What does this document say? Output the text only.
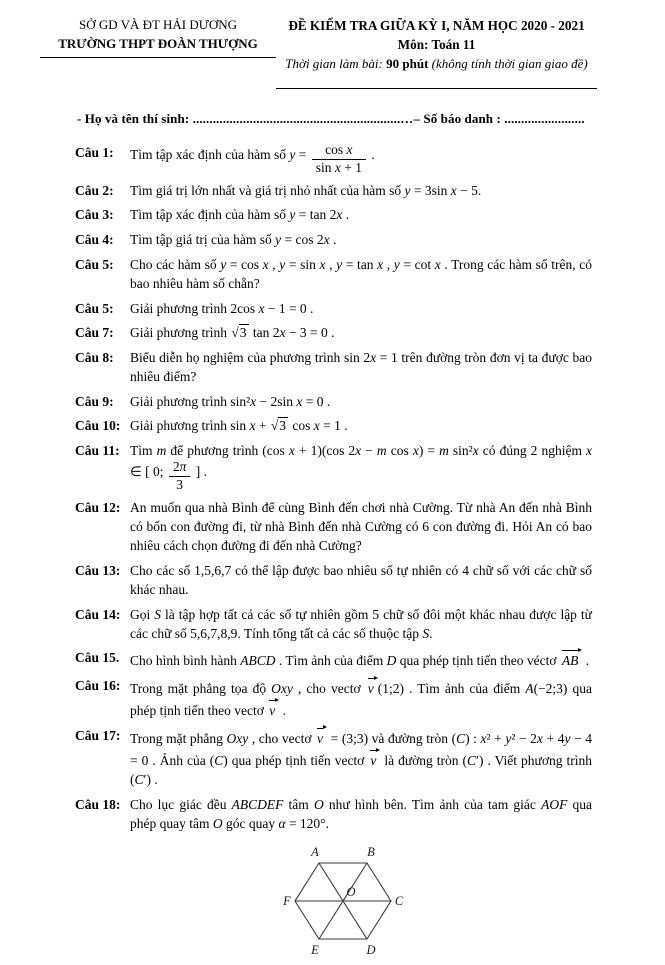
SỞ GD VÀ ĐT HẢI DƯƠNG
TRƯỜNG THPT ĐOÀN THƯỢNG
ĐỀ KIỂM TRA GIỮA KỲ I, NĂM HỌC 2020 - 2021
Môn: Toán 11
Thời gian làm bài: 90 phút (không tính thời gian giao đề)
- Họ và tên thí sinh: ..............................................................…– Số báo danh : ........................
Câu 1:	Tìm tập xác định của hàm số $y = \frac{\text{cos x}}{\text{sin x + 1}}$ .
Câu 2:	Tìm giá trị lớn nhất và giá trị nhỏ nhất của hàm số y = 3sin x − 5.
Câu 3:	Tìm tập xác định của hàm số y = tan 2x .
Câu 4:	Tìm tập giá trị của hàm số y = cos 2x .
Câu 5:	Cho các hàm số y = cos x , y = sin x , y = tan x , y = cot x . Trong các hàm số trên, có bao nhiêu hàm số chẵn?
Câu 5:	Giải phương trình 2cos x − 1 = 0 .
Câu 7:	Giải phương trình √3 tan 2x − 3 = 0 .
Câu 8:	Biểu diễn họ nghiệm của phương trình sin 2x = 1 trên đường tròn đơn vị ta được bao nhiêu điểm?
Câu 9:	Giải phương trình sin²x − 2sin x = 0 .
Câu 10: Giải phương trình sin x + √3 cos x = 1 .
Câu 11: Tìm m để phương trình (cos x + 1)(cos 2x − m cos x) = m sin²x có đúng 2 nghiệm x ∈ [ 0; $\frac{2\pi}{3}$ ] .
Câu 12: An muốn qua nhà Bình để cùng Bình đến chơi nhà Cường. Từ nhà An đến nhà Bình có bốn con đường đi, từ nhà Bình đến nhà Cường có 6 con đường đi. Hỏi An có bao nhiêu cách chọn đường đi đến nhà Cường?
Câu 13: Cho các số 1,5,6,7 có thể lập được bao nhiêu số tự nhiên có 4 chữ số với các chữ số khác nhau.
Câu 14: Gọi S là tập hợp tất cả các số tự nhiên gồm 5 chữ số đôi một khác nhau được lập từ các chữ số 5,6,7,8,9. Tính tổng tất cả các số thuộc tập S.
Câu 15. Cho hình bình hành ABCD . Tìm ảnh của điểm D qua phép tịnh tiến theo véctơ AB .
Câu 16: Trong mặt phẳng tọa độ Oxy , cho vectơ v (1;2) . Tìm ảnh của điểm A(−2;3) qua phép tịnh tiến theo vectơ v .
Câu 17: Trong mặt phẳng Oxy , cho vectơ v = (3;3) và đường tròn (C) : x² + y² − 2x + 4y − 4 = 0 . Ảnh của (C) qua phép tịnh tiến vectơ v là đường tròn (C′) . Viết phương trình (C′) .
Câu 18: Cho lục giác đều ABCDEF tâm O như hình bên. Tìm ảnh của tam giác AOF qua phép quay tâm O góc quay α = 120°.
A	B
C
D
E
F
O
